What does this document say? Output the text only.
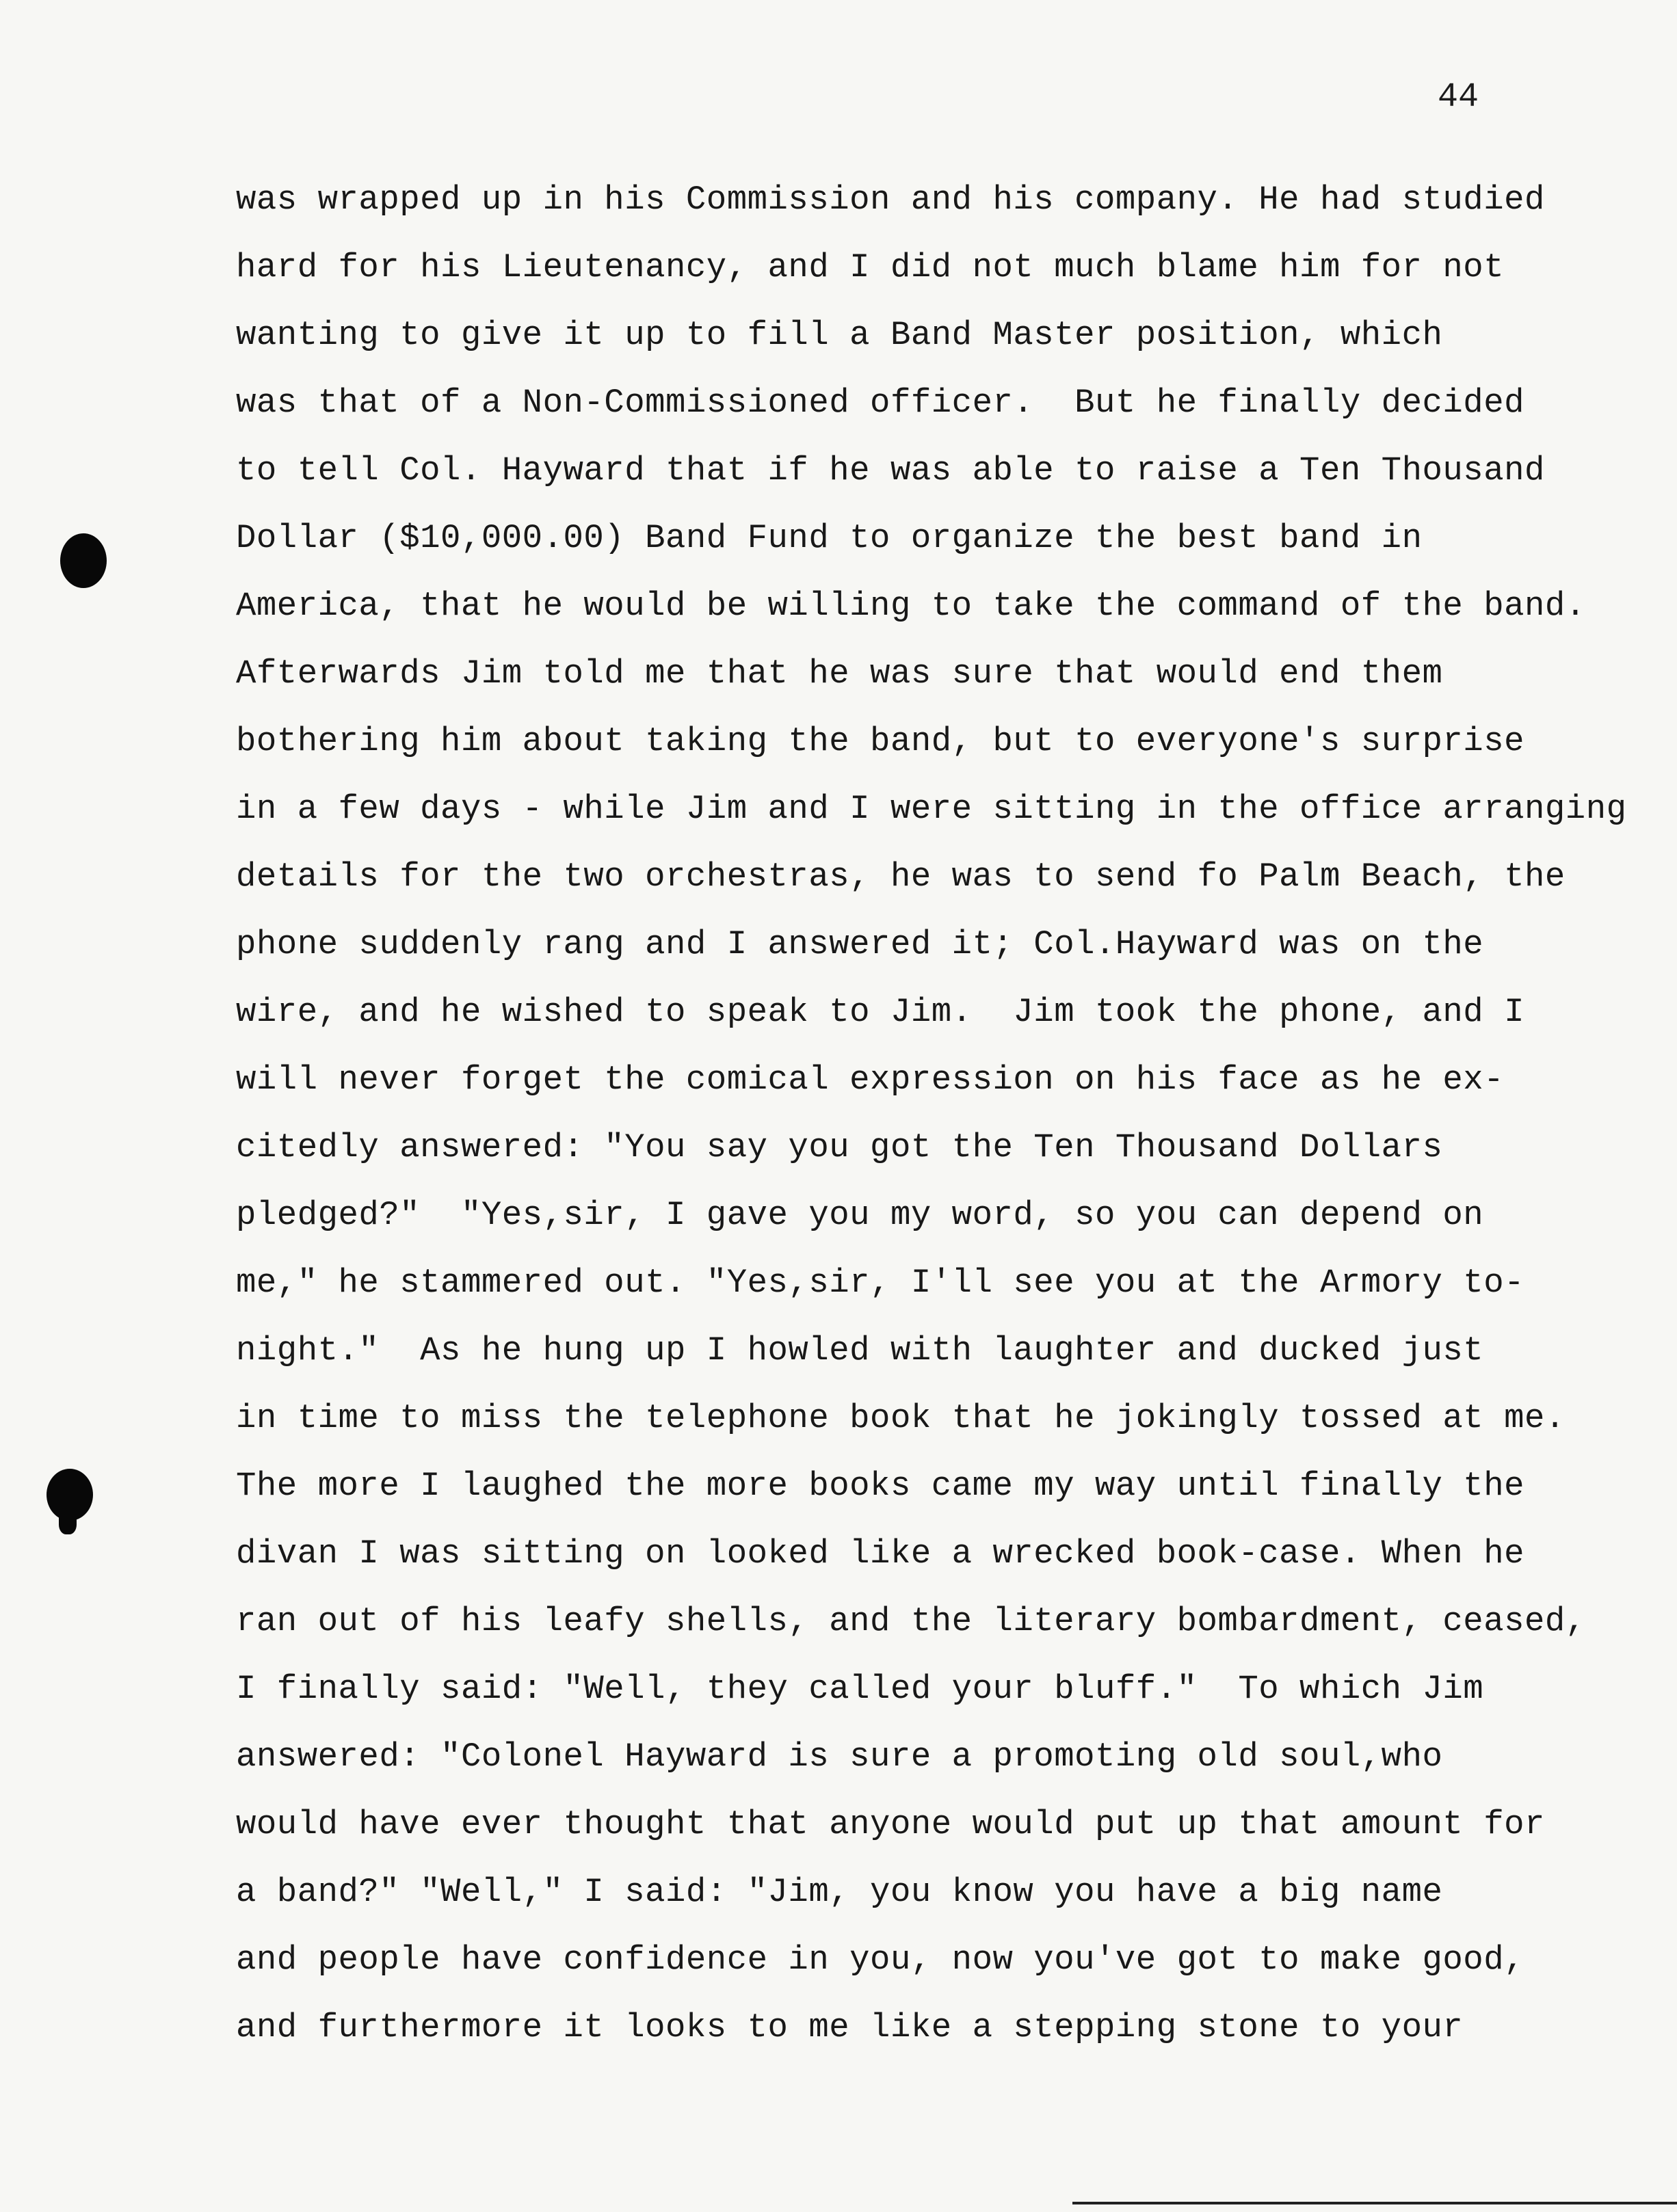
44
was wrapped up in his Commission and his company. He had studied
hard for his Lieutenancy, and I did not much blame him for not
wanting to give it up to fill a Band Master position, which
was that of a Non-Commissioned officer.  But he finally decided
to tell Col. Hayward that if he was able to raise a Ten Thousand
Dollar ($10,000.00) Band Fund to organize the best band in
America, that he would be willing to take the command of the band.
Afterwards Jim told me that he was sure that would end them
bothering him about taking the band, but to everyone's surprise
in a few days - while Jim and I were sitting in the office arranging
details for the two orchestras, he was to send fo Palm Beach, the
phone suddenly rang and I answered it; Col.Hayward was on the
wire, and he wished to speak to Jim.  Jim took the phone, and I
will never forget the comical expression on his face as he ex-
citedly answered: "You say you got the Ten Thousand Dollars
pledged?"  "Yes,sir, I gave you my word, so you can depend on
me," he stammered out. "Yes,sir, I'll see you at the Armory to-
night."  As he hung up I howled with laughter and ducked just
in time to miss the telephone book that he jokingly tossed at me.
The more I laughed the more books came my way until finally the
divan I was sitting on looked like a wrecked book-case. When he
ran out of his leafy shells, and the literary bombardment, ceased,
I finally said: "Well, they called your bluff."  To which Jim
answered: "Colonel Hayward is sure a promoting old soul,who
would have ever thought that anyone would put up that amount for
a band?" "Well," I said: "Jim, you know you have a big name
and people have confidence in you, now you've got to make good,
and furthermore it looks to me like a stepping stone to your
